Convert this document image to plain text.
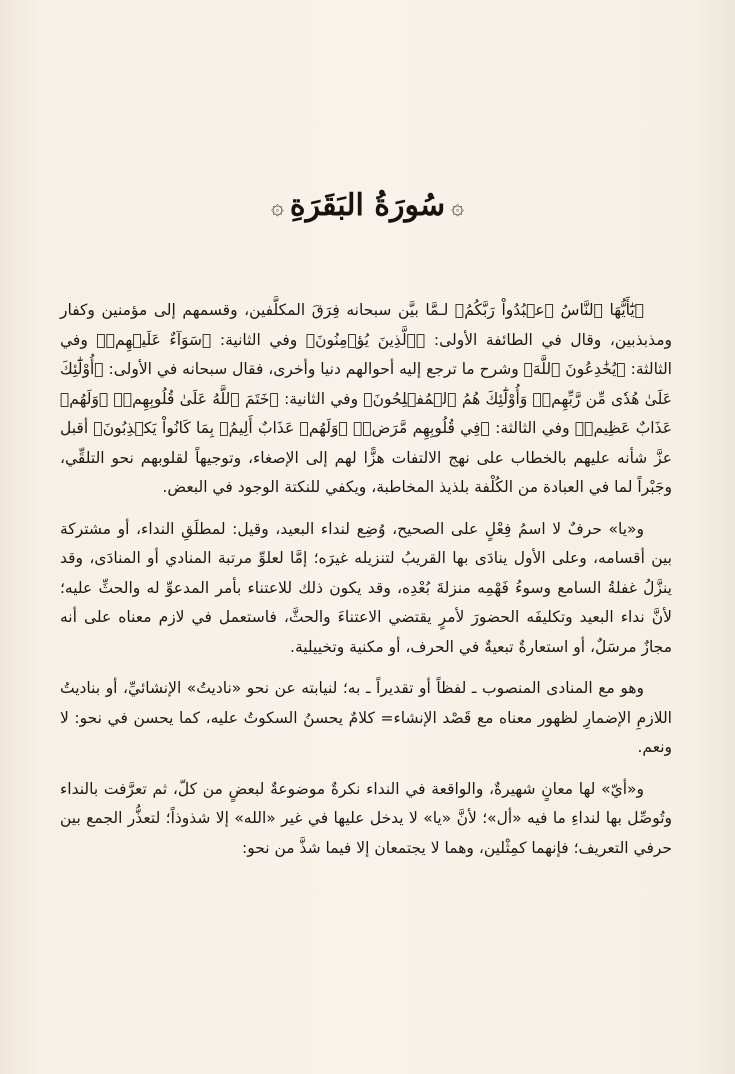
۞سُورَةُ البَقَرَةِ۞

﴿يَٰٓأَيُّهَا ٱلنَّاسُ ٱعۡبُدُواْ رَبَّكُمُ﴾ لـمَّا بيَّن سبحانه فِرَقَ المكلَّفين، وقسمهم إلى مؤمنين وكفار ومذبذبين، وقال في الطائفة الأولى: ﴿ٱلَّذِينَ يُؤۡمِنُونَ﴾ وفي الثانية: ﴿سَوَآءٌ عَلَيۡهِمۡ﴾ وفي الثالثة: ﴿يُخَٰدِعُونَ ٱللَّهَ﴾ وشرح ما ترجع إليه أحوالهم دنيا وأخرى، فقال سبحانه في الأولى: ﴿أُوْلَٰٓئِكَ عَلَىٰ هُدٗى مِّن رَّبِّهِمۡۖ وَأُوْلَٰٓئِكَ هُمُ ٱلۡمُفۡلِحُونَ﴾ وفي الثانية: ﴿خَتَمَ ٱللَّهُ عَلَىٰ قُلُوبِهِمۡ﴾ ﴿وَلَهُمۡ عَذَابٌ عَظِيمٞ﴾ وفي الثالثة: ﴿فِي قُلُوبِهِم مَّرَضٞ﴾ ﴿وَلَهُمۡ عَذَابٌ أَلِيمُۢ بِمَا كَانُواْ يَكۡذِبُونَ﴾ أقبل عزَّ شأنه عليهم بالخطاب على نهج الالتفات هزًّا لهم إلى الإصغاء، وتوجيهاً لقلوبهم نحو التلقِّي، وجَبْراً لما في العبادة من الكُلْفة بلذيذ المخاطبة، ويكفي للنكتة الوجود في البعض.

و«يا» حرفٌ لا اسمُ فِعْلٍ على الصحيح، وُضِع لنداء البعيد، وقيل: لمطلَقِ النداء، أو مشتركة بين أقسامه، وعلى الأول ينادَى بها القريبُ لتنزيله غيرَه؛ إمَّا لعلوِّ مرتبة المنادي أو المنادَى، وقد ينزَّلُ غفلةُ السامع وسوءُ فَهْمِه منزلةَ بُعْدِه، وقد يكون ذلك للاعتناء بأمر المدعوِّ له والحثِّ عليه؛ لأنَّ نداء البعيد وتكليفَه الحضورَ لأمرٍ يقتضي الاعتناءَ والحثَّ، فاستعمل في لازم معناه على أنه مجازٌ مرسَلٌ، أو استعارةٌ تبعيةٌ في الحرف، أو مكنية وتخييلية.

وهو مع المنادى المنصوب ـ لفظاً أو تقديراً ـ به؛ لنيابته عن نحو «ناديتُ» الإنشائيِّ، أو بناديتُ اللازمِ الإضمارِ لظهور معناه مع قَصْد الإنشاء= كلامٌ يحسنُ السكوتُ عليه، كما يحسن في نحو: لا ونعم.

و«أيّ» لها معانٍ شهيرةٌ، والواقعة في النداء نكرةٌ موضوعةٌ لبعضٍ من كلّ، ثم تعرَّفت بالنداء وتُوصِّل بها لنداءِ ما فيه «أل»؛ لأنَّ «يا» لا يدخل عليها في غير «الله» إلا شذوذاً؛ لتعذُّر الجمع بين حرفي التعريف؛ فإنهما كمِثْلين، وهما لا يجتمعان إلا فيما شذَّ من نحو:
